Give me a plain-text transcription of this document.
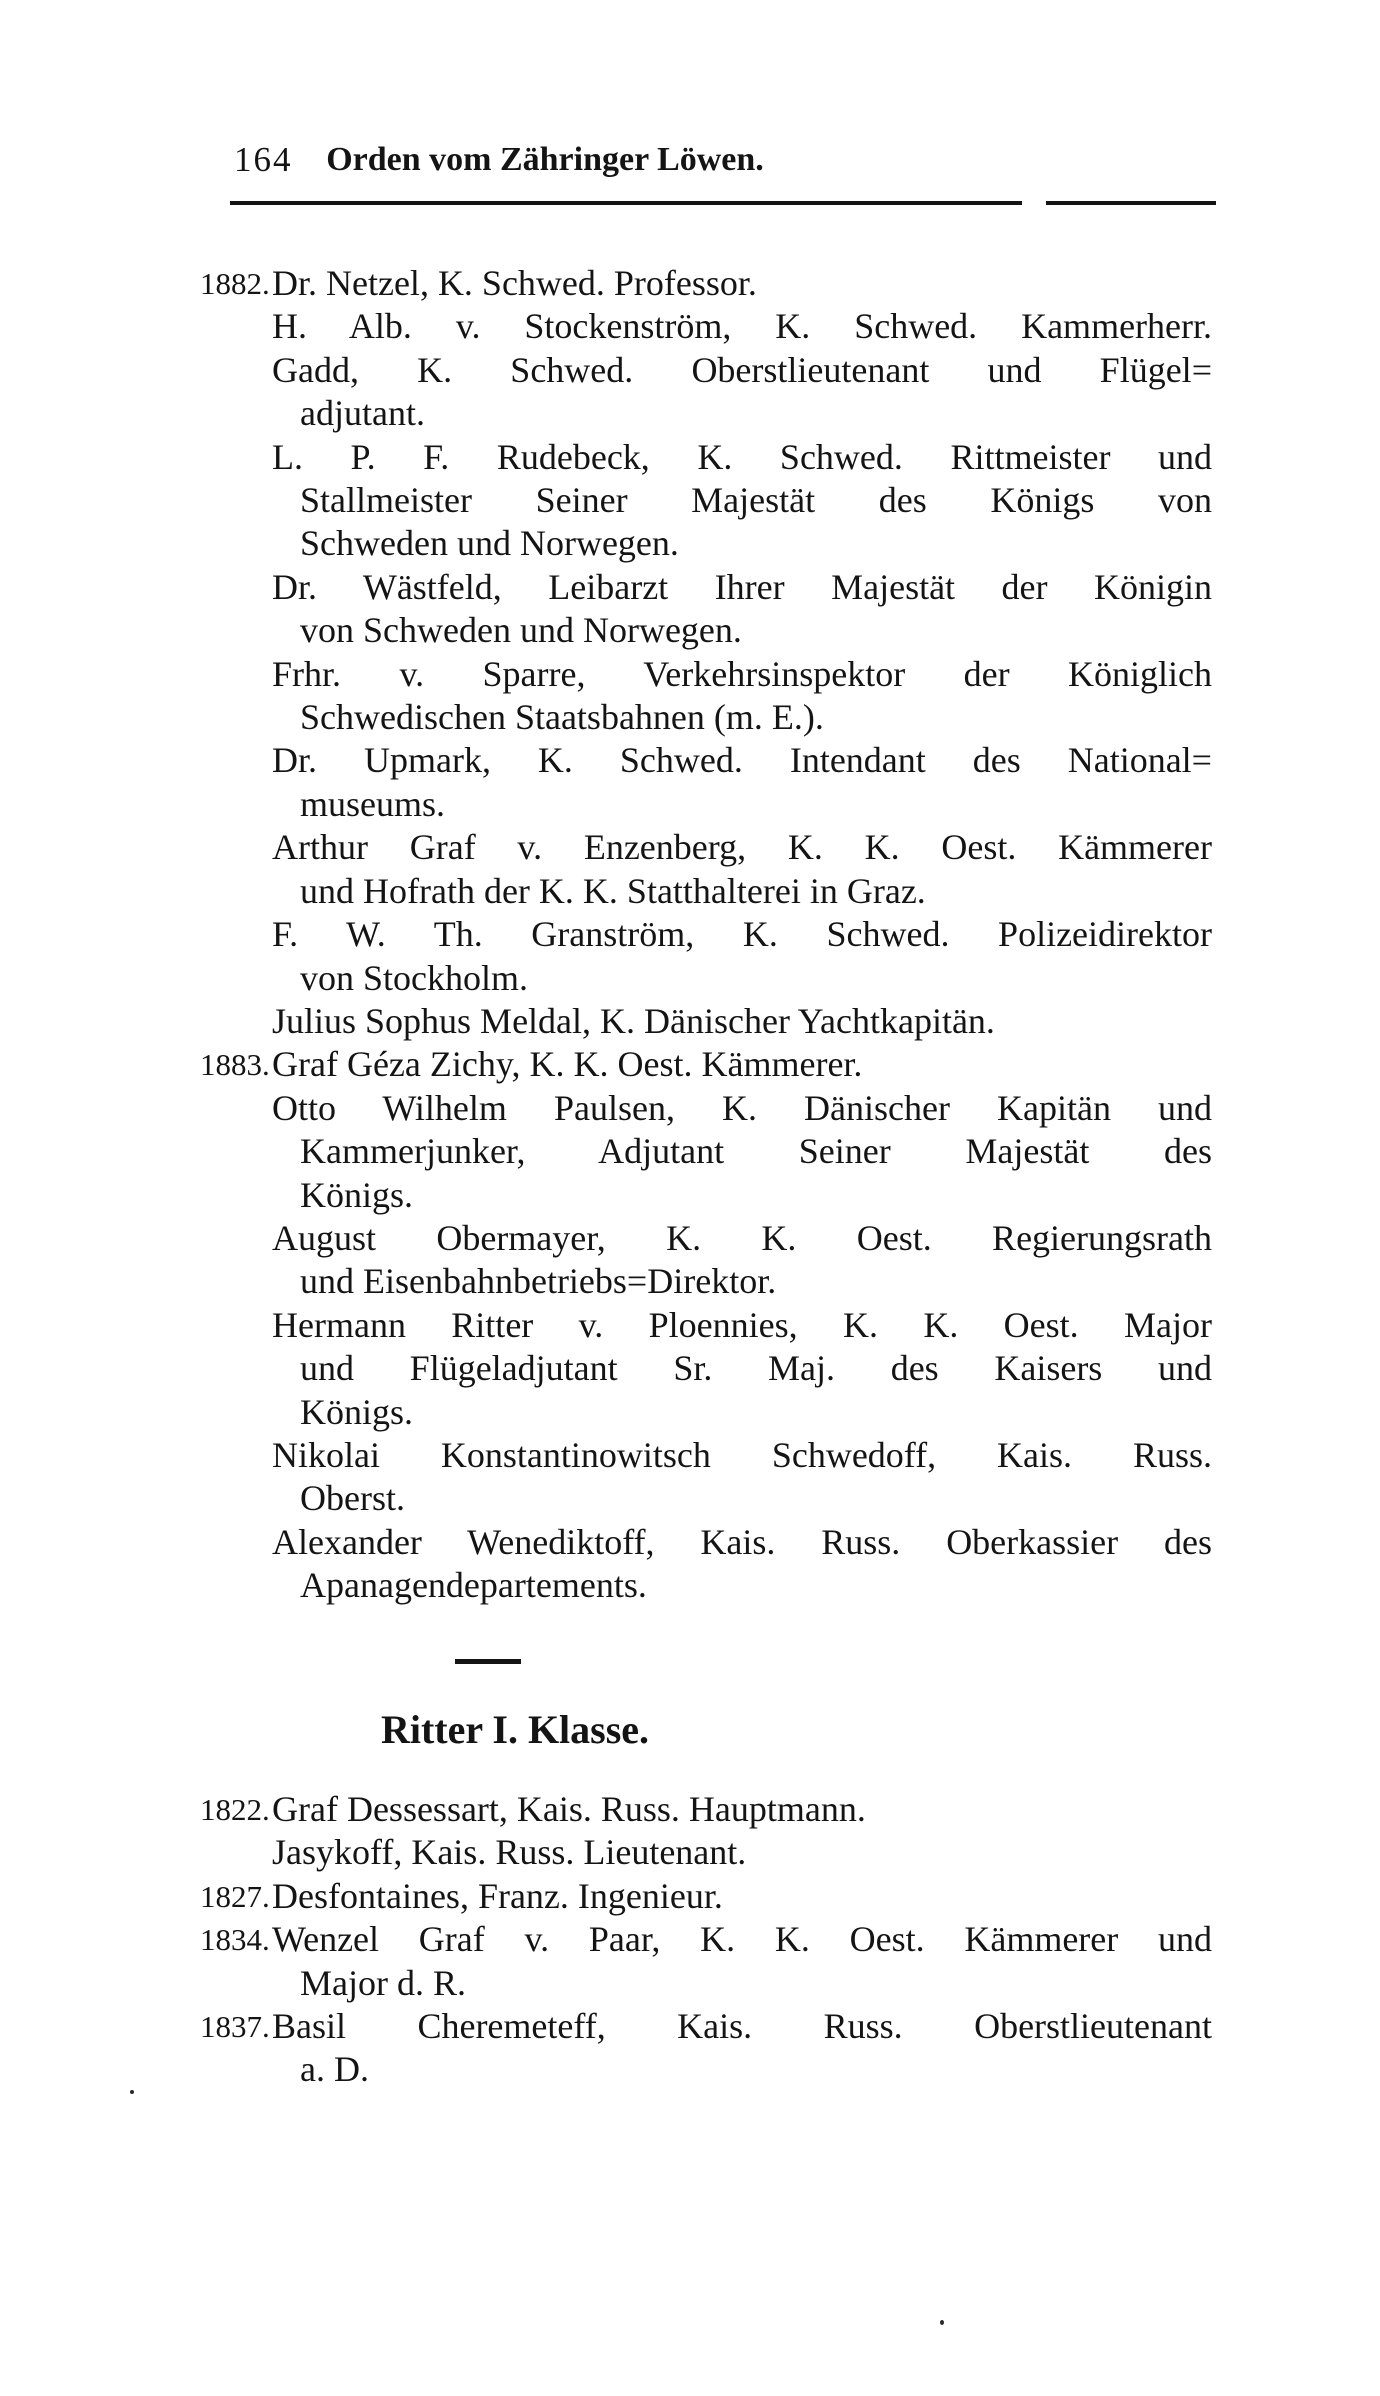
164 Orden vom Zähringer Löwen.
1882. Dr. Netzel, K. Schwed. Professor.
H. Alb. v. Stockenström, K. Schwed. Kammerherr.
Gadd, K. Schwed. Oberstlieutenant und Flügel=
adjutant.
L. P. F. Rudebeck, K. Schwed. Rittmeister und
Stallmeister Seiner Majestät des Königs von
Schweden und Norwegen.
Dr. Wästfeld, Leibarzt Ihrer Majestät der Königin
von Schweden und Norwegen.
Frhr. v. Sparre, Verkehrsinspektor der Königlich
Schwedischen Staatsbahnen (m. E.).
Dr. Upmark, K. Schwed. Intendant des National=
museums.
Arthur Graf v. Enzenberg, K. K. Oest. Kämmerer
und Hofrath der K. K. Statthalterei in Graz.
F. W. Th. Granström, K. Schwed. Polizeidirektor
von Stockholm.
Julius Sophus Meldal, K. Dänischer Yachtkapitän.
1883. Graf Géza Zichy, K. K. Oest. Kämmerer.
Otto Wilhelm Paulsen, K. Dänischer Kapitän und
Kammerjunker, Adjutant Seiner Majestät des
Königs.
August Obermayer, K. K. Oest. Regierungsrath
und Eisenbahnbetriebs=Direktor.
Hermann Ritter v. Ploennies, K. K. Oest. Major
und Flügeladjutant Sr. Maj. des Kaisers und
Königs.
Nikolai Konstantinowitsch Schwedoff, Kais. Russ.
Oberst.
Alexander Wenediktoff, Kais. Russ. Oberkassier des
Apanagendepartements.
Ritter I. Klasse.
1822. Graf Dessessart, Kais. Russ. Hauptmann.
Jasykoff, Kais. Russ. Lieutenant.
1827. Desfontaines, Franz. Ingenieur.
1834. Wenzel Graf v. Paar, K. K. Oest. Kämmerer und
Major d. R.
1837. Basil Cheremeteff, Kais. Russ. Oberstlieutenant
a. D.
